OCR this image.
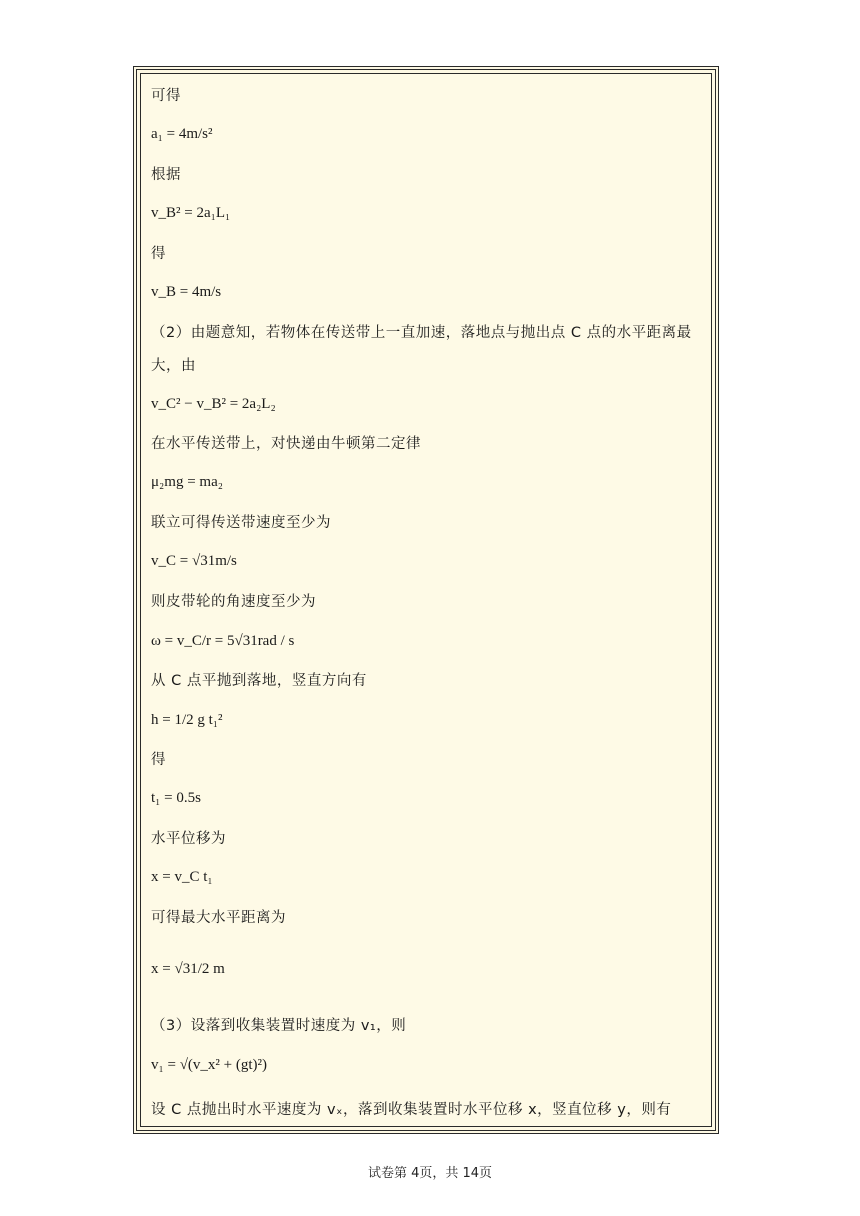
可得
a₁ = 4m/s²
根据
v_B² = 2a₁L₁
得
v_B = 4m/s
（2）由题意知，若物体在传送带上一直加速，落地点与抛出点 C 点的水平距离最
大，由
v_C² − v_B² = 2a₂L₂
在水平传送带上，对快递由牛顿第二定律
μ₂mg = ma₂
联立可得传送带速度至少为
v_C = √31m/s
则皮带轮的角速度至少为
ω = v_C/r = 5√31rad / s
从 C 点平抛到落地，竖直方向有
h = 1/2 g t₁²
得
t₁ = 0.5s
水平位移为
x = v_C t₁
可得最大水平距离为
x = √31/2 m
（3）设落到收集装置时速度为 v₁，则
v₁ = √(v_x² + (gt)²)
设 C 点抛出时水平速度为 vₓ，落到收集装置时水平位移 x，竖直位移 y，则有
试卷第 4页，共 14页
